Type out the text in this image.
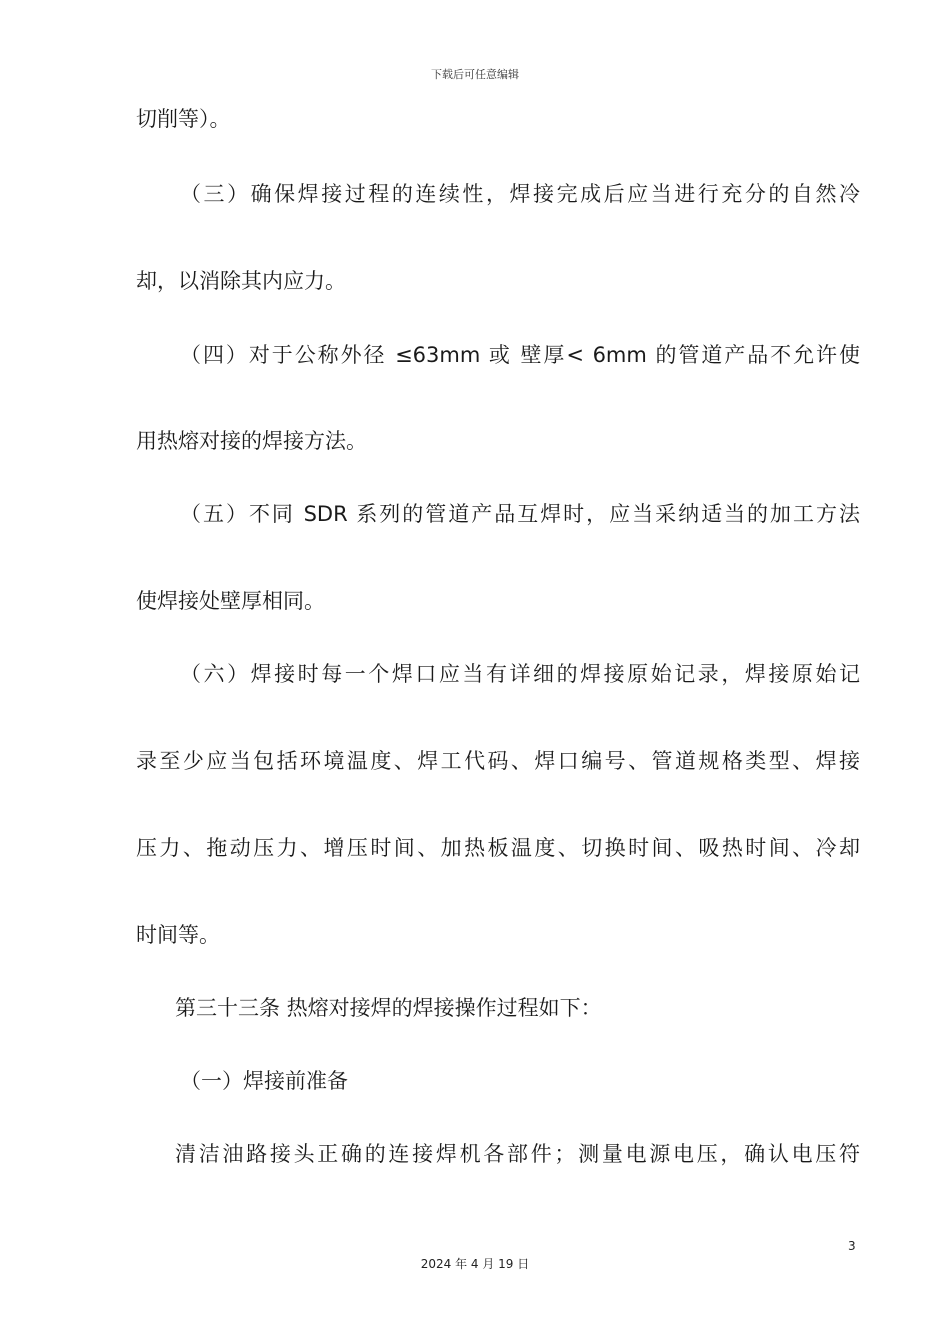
下载后可任意编辑
切削等）。
（三）确保焊接过程的连续性，焊接完成后应当进行充分的自然冷
却，以消除其内应力。
（四）对于公称外径 ≤63mm 或 壁厚< 6mm 的管道产品不允许使
用热熔对接的焊接方法。
（五）不同 SDR 系列的管道产品互焊时，应当采纳适当的加工方法
使焊接处壁厚相同。
（六）焊接时每一个焊口应当有详细的焊接原始记录，焊接原始记
录至少应当包括环境温度、焊工代码、焊口编号、管道规格类型、焊接
压力、拖动压力、增压时间、加热板温度、切换时间、吸热时间、冷却
时间等。
第三十三条 热熔对接焊的焊接操作过程如下：
（一）焊接前准备
清洁油路接头正确的连接焊机各部件；测量电源电压，确认电压符
3
2024 年 4 月 19 日
